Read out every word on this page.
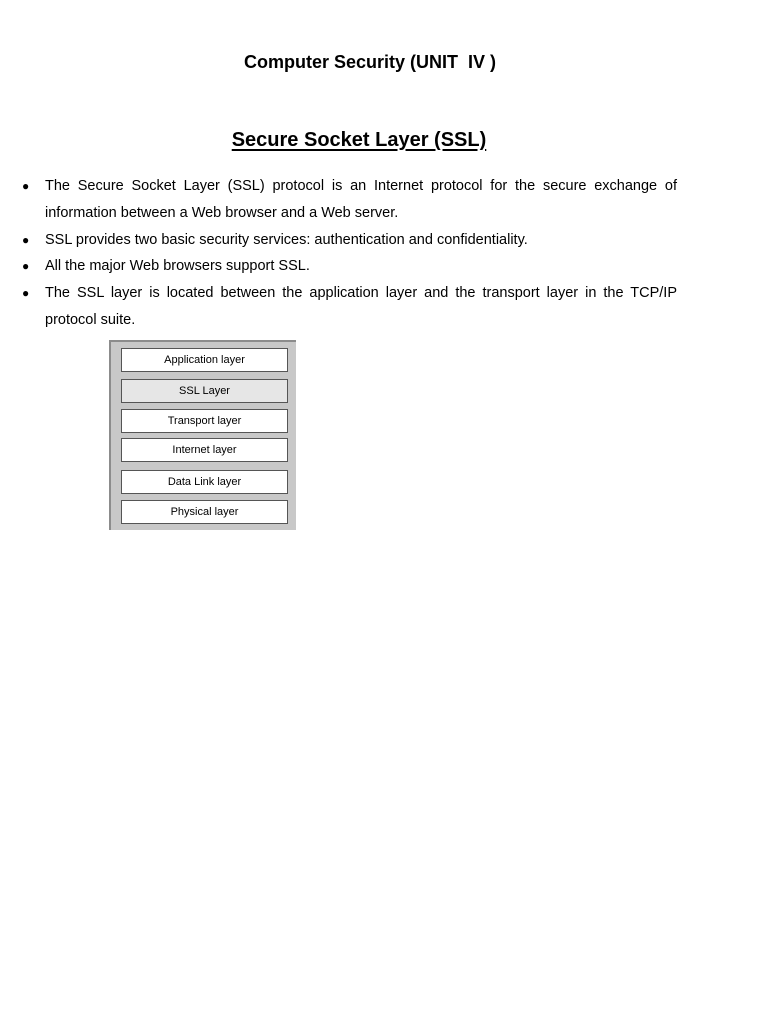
Computer Security (UNIT  IV )
Secure Socket Layer (SSL)
● The Secure Socket Layer (SSL) protocol is an Internet protocol for the secure exchange of information between a Web browser and a Web server.
● SSL provides two basic security services: authentication and confidentiality.
● All the major Web browsers support SSL.
● The SSL layer is located between the application layer and the transport layer in the TCP/IP protocol suite.
Application layer
SSL Layer
Transport layer
Internet layer
Data Link layer
Physical layer
